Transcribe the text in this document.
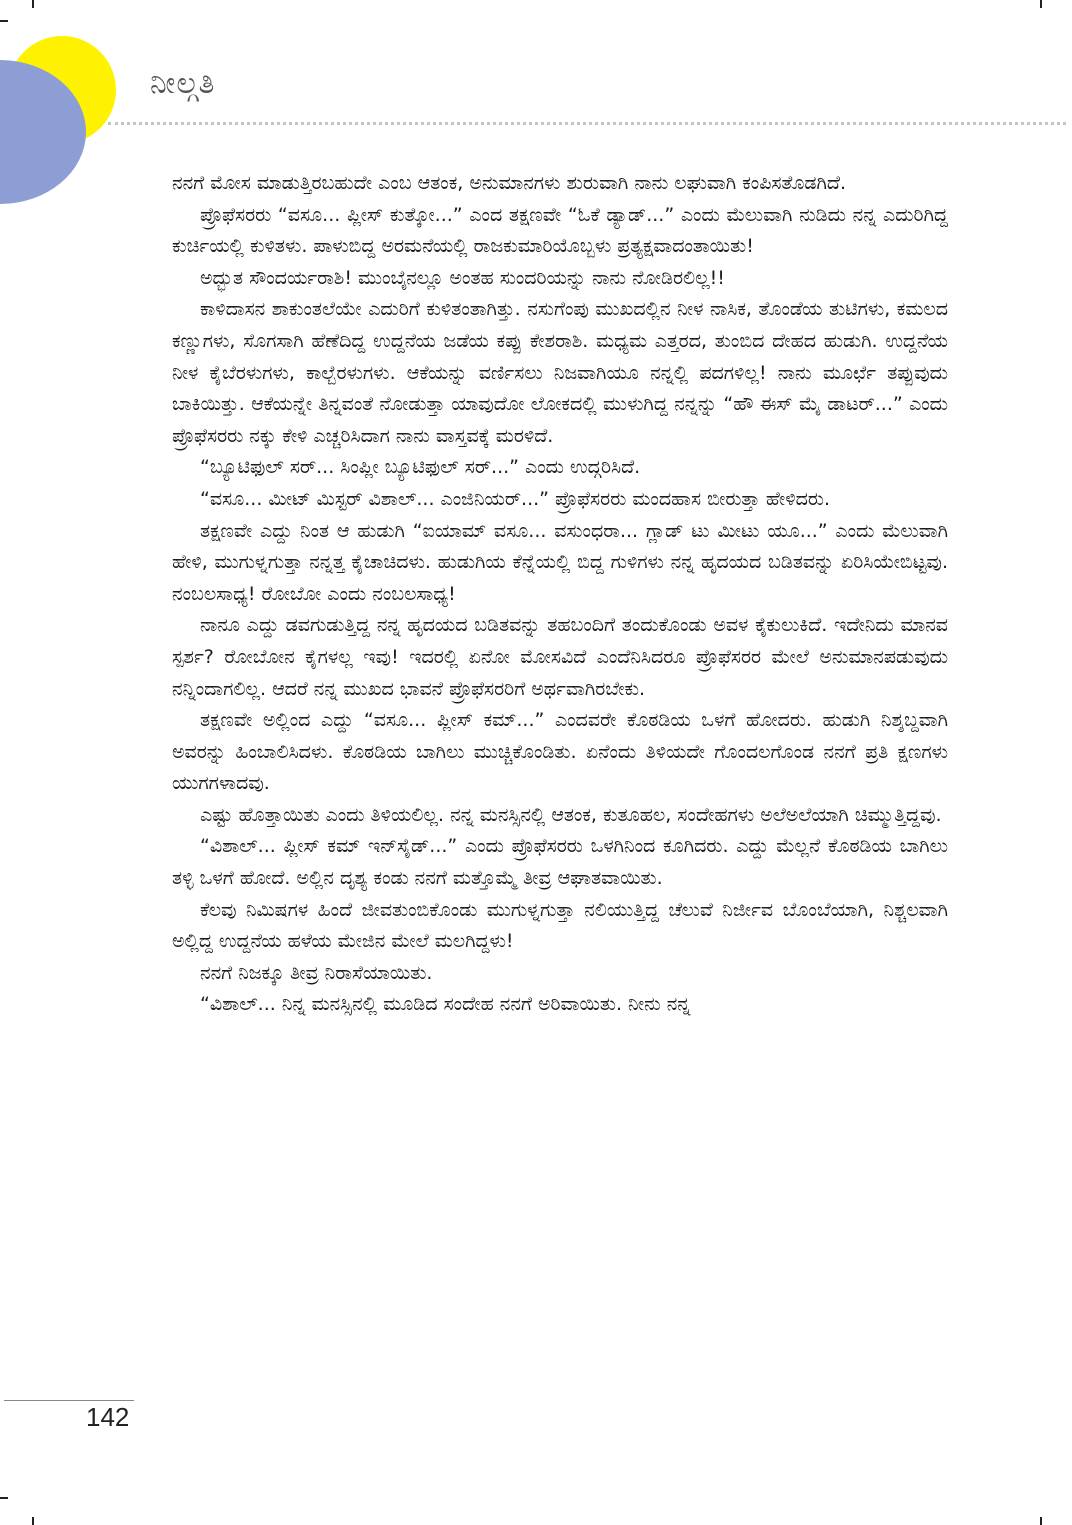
ನೀಲ್ಗತಿ

ನನಗೆ ಮೋಸ ಮಾಡುತ್ತಿರಬಹುದೇ ಎಂಬ ಆತಂಕ, ಅನುಮಾನಗಳು ಶುರುವಾಗಿ ನಾನು ಲಘುವಾಗಿ ಕಂಪಿಸತೊಡಗಿದೆ.

ಪ್ರೊಫೆಸರರು “ವಸೂ... ಪ್ಲೀಸ್ ಕುತ್ಕೋ...” ಎಂದ ತಕ್ಷಣವೇ “ಓಕೆ ಡ್ಯಾಡ್...” ಎಂದು ಮೆಲುವಾಗಿ ನುಡಿದು ನನ್ನ ಎದುರಿಗಿದ್ದ ಕುರ್ಚಿಯಲ್ಲಿ ಕುಳಿತಳು. ಪಾಳುಬಿದ್ದ ಅರಮನೆಯಲ್ಲಿ ರಾಜಕುಮಾರಿಯೊಬ್ಬಳು ಪ್ರತ್ಯಕ್ಷವಾದಂತಾಯಿತು!

ಅದ್ಭುತ ಸೌಂದರ್ಯರಾಶಿ! ಮುಂಬೈನಲ್ಲೂ ಅಂತಹ ಸುಂದರಿಯನ್ನು ನಾನು ನೋಡಿರಲಿಲ್ಲ!!

ಕಾಳಿದಾಸನ ಶಾಕುಂತಲೆಯೇ ಎದುರಿಗೆ ಕುಳಿತಂತಾಗಿತ್ತು. ನಸುಗೆಂಪು ಮುಖದಲ್ಲಿನ ನೀಳ ನಾಸಿಕ, ತೊಂಡೆಯ ತುಟಿಗಳು, ಕಮಲದ ಕಣ್ಣುಗಳು, ಸೊಗಸಾಗಿ ಹೆಣೆದಿದ್ದ ಉದ್ದನೆಯ ಜಡೆಯ ಕಪ್ಪು ಕೇಶರಾಶಿ. ಮಧ್ಯಮ ಎತ್ತರದ, ತುಂಬಿದ ದೇಹದ ಹುಡುಗಿ. ಉದ್ದನೆಯ ನೀಳ ಕೈಬೆರಳುಗಳು, ಕಾಲ್ಬೆರಳುಗಳು. ಆಕೆಯನ್ನು ವರ್ಣಿಸಲು ನಿಜವಾಗಿಯೂ ನನ್ನಲ್ಲಿ ಪದಗಳಿಲ್ಲ! ನಾನು ಮೂರ್ಛೆ ತಪ್ಪುವುದು ಬಾಕಿಯಿತ್ತು. ಆಕೆಯನ್ನೇ ತಿನ್ನವಂತೆ ನೋಡುತ್ತಾ ಯಾವುದೋ ಲೋಕದಲ್ಲಿ ಮುಳುಗಿದ್ದ ನನ್ನನ್ನು “ಹೌ ಈಸ್ ಮೈ ಡಾಟರ್...” ಎಂದು ಪ್ರೊಫೆಸರರು ನಕ್ಕು ಕೇಳಿ ಎಚ್ಚರಿಸಿದಾಗ ನಾನು ವಾಸ್ತವಕ್ಕೆ ಮರಳಿದೆ.

“ಬ್ಯೂಟಿಫುಲ್ ಸರ್... ಸಿಂಪ್ಲೀ ಬ್ಯೂಟಿಫುಲ್ ಸರ್...” ಎಂದು ಉದ್ಗರಿಸಿದೆ.

“ವಸೂ... ಮೀಟ್ ಮಿಸ್ಟರ್ ವಿಶಾಲ್... ಎಂಜಿನಿಯರ್...” ಪ್ರೊಫೆಸರರು ಮಂದಹಾಸ ಬೀರುತ್ತಾ ಹೇಳಿದರು.

ತಕ್ಷಣವೇ ಎದ್ದು ನಿಂತ ಆ ಹುಡುಗಿ “ಐಯಾಮ್ ವಸೂ... ವಸುಂಧರಾ... ಗ್ಲಾಡ್ ಟು ಮೀಟು ಯೂ...” ಎಂದು ಮೆಲುವಾಗಿ ಹೇಳಿ, ಮುಗುಳ್ನಗುತ್ತಾ ನನ್ನತ್ತ ಕೈಚಾಚಿದಳು. ಹುಡುಗಿಯ ಕೆನ್ನೆಯಲ್ಲಿ ಬಿದ್ದ ಗುಳಿಗಳು ನನ್ನ ಹೃದಯದ ಬಡಿತವನ್ನು ಏರಿಸಿಯೇಬಿಟ್ಟವು. ನಂಬಲಸಾಧ್ಯ! ರೋಬೋ ಎಂದು ನಂಬಲಸಾಧ್ಯ!

ನಾನೂ ಎದ್ದು ಡವಗುಡುತ್ತಿದ್ದ ನನ್ನ ಹೃದಯದ ಬಡಿತವನ್ನು ತಹಬಂದಿಗೆ ತಂದುಕೊಂಡು ಅವಳ ಕೈಕುಲುಕಿದೆ. ಇದೇನಿದು ಮಾನವ ಸ್ಪರ್ಶ? ರೋಬೋನ ಕೈಗಳಲ್ಲ ಇವು! ಇದರಲ್ಲಿ ಏನೋ ಮೋಸವಿದೆ ಎಂದೆನಿಸಿದರೂ ಪ್ರೊಫೆಸರರ ಮೇಲೆ ಅನುಮಾನಪಡುವುದು ನನ್ನಿಂದಾಗಲಿಲ್ಲ. ಆದರೆ ನನ್ನ ಮುಖದ ಭಾವನೆ ಪ್ರೊಫೆಸರರಿಗೆ ಅರ್ಥವಾಗಿರಬೇಕು.

ತಕ್ಷಣವೇ ಅಲ್ಲಿಂದ ಎದ್ದು “ವಸೂ... ಪ್ಲೀಸ್ ಕಮ್...” ಎಂದವರೇ ಕೊಠಡಿಯ ಒಳಗೆ ಹೋದರು. ಹುಡುಗಿ ನಿಶ್ಶಬ್ದವಾಗಿ ಅವರನ್ನು ಹಿಂಬಾಲಿಸಿದಳು. ಕೊಠಡಿಯ ಬಾಗಿಲು ಮುಚ್ಚಿಕೊಂಡಿತು. ಏನೆಂದು ತಿಳಿಯದೇ ಗೊಂದಲಗೊಂಡ ನನಗೆ ಪ್ರತಿ ಕ್ಷಣಗಳು ಯುಗಗಳಾದವು.

ಎಷ್ಟು ಹೊತ್ತಾಯಿತು ಎಂದು ತಿಳಿಯಲಿಲ್ಲ. ನನ್ನ ಮನಸ್ಸಿನಲ್ಲಿ ಆತಂಕ, ಕುತೂಹಲ, ಸಂದೇಹಗಳು ಅಲೆಅಲೆಯಾಗಿ ಚಿಮ್ಮುತ್ತಿದ್ದವು.

“ವಿಶಾಲ್... ಪ್ಲೀಸ್ ಕಮ್ ಇನ್‌ಸೈಡ್...” ಎಂದು ಪ್ರೊಫೆಸರರು ಒಳಗಿನಿಂದ ಕೂಗಿದರು. ಎದ್ದು ಮೆಲ್ಲನೆ ಕೊಠಡಿಯ ಬಾಗಿಲು ತಳ್ಳಿ ಒಳಗೆ ಹೋದೆ. ಅಲ್ಲಿನ ದೃಶ್ಯ ಕಂಡು ನನಗೆ ಮತ್ತೊಮ್ಮೆ ತೀವ್ರ ಆಘಾತವಾಯಿತು.

ಕೆಲವು ನಿಮಿಷಗಳ ಹಿಂದೆ ಜೀವತುಂಬಿಕೊಂಡು ಮುಗುಳ್ನಗುತ್ತಾ ನಲಿಯುತ್ತಿದ್ದ ಚೆಲುವೆ ನಿರ್ಜೀವ ಬೊಂಬೆಯಾಗಿ, ನಿಶ್ಚಲವಾಗಿ ಅಲ್ಲಿದ್ದ ಉದ್ದನೆಯ ಹಳೆಯ ಮೇಜಿನ ಮೇಲೆ ಮಲಗಿದ್ದಳು!

ನನಗೆ ನಿಜಕ್ಕೂ ತೀವ್ರ ನಿರಾಸೆಯಾಯಿತು.

“ವಿಶಾಲ್... ನಿನ್ನ ಮನಸ್ಸಿನಲ್ಲಿ ಮೂಡಿದ ಸಂದೇಹ ನನಗೆ ಅರಿವಾಯಿತು. ನೀನು ನನ್ನ

142
